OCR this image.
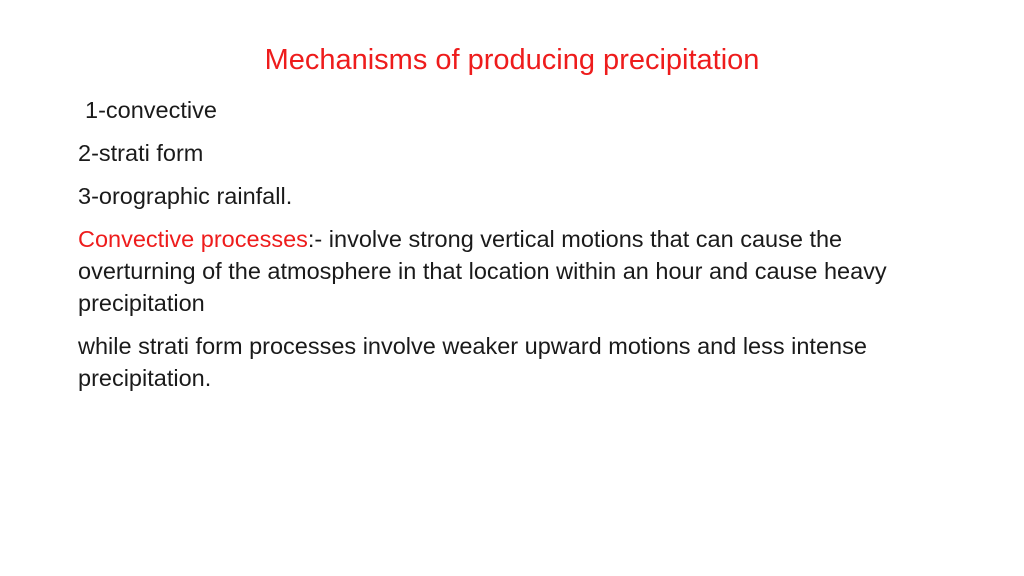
Mechanisms of producing precipitation

1-convective

2-strati form

3-orographic rainfall.

Convective processes:- involve strong vertical motions that can cause the overturning of the atmosphere in that location within an hour and cause heavy precipitation

while strati form processes involve weaker upward motions and less intense precipitation.
